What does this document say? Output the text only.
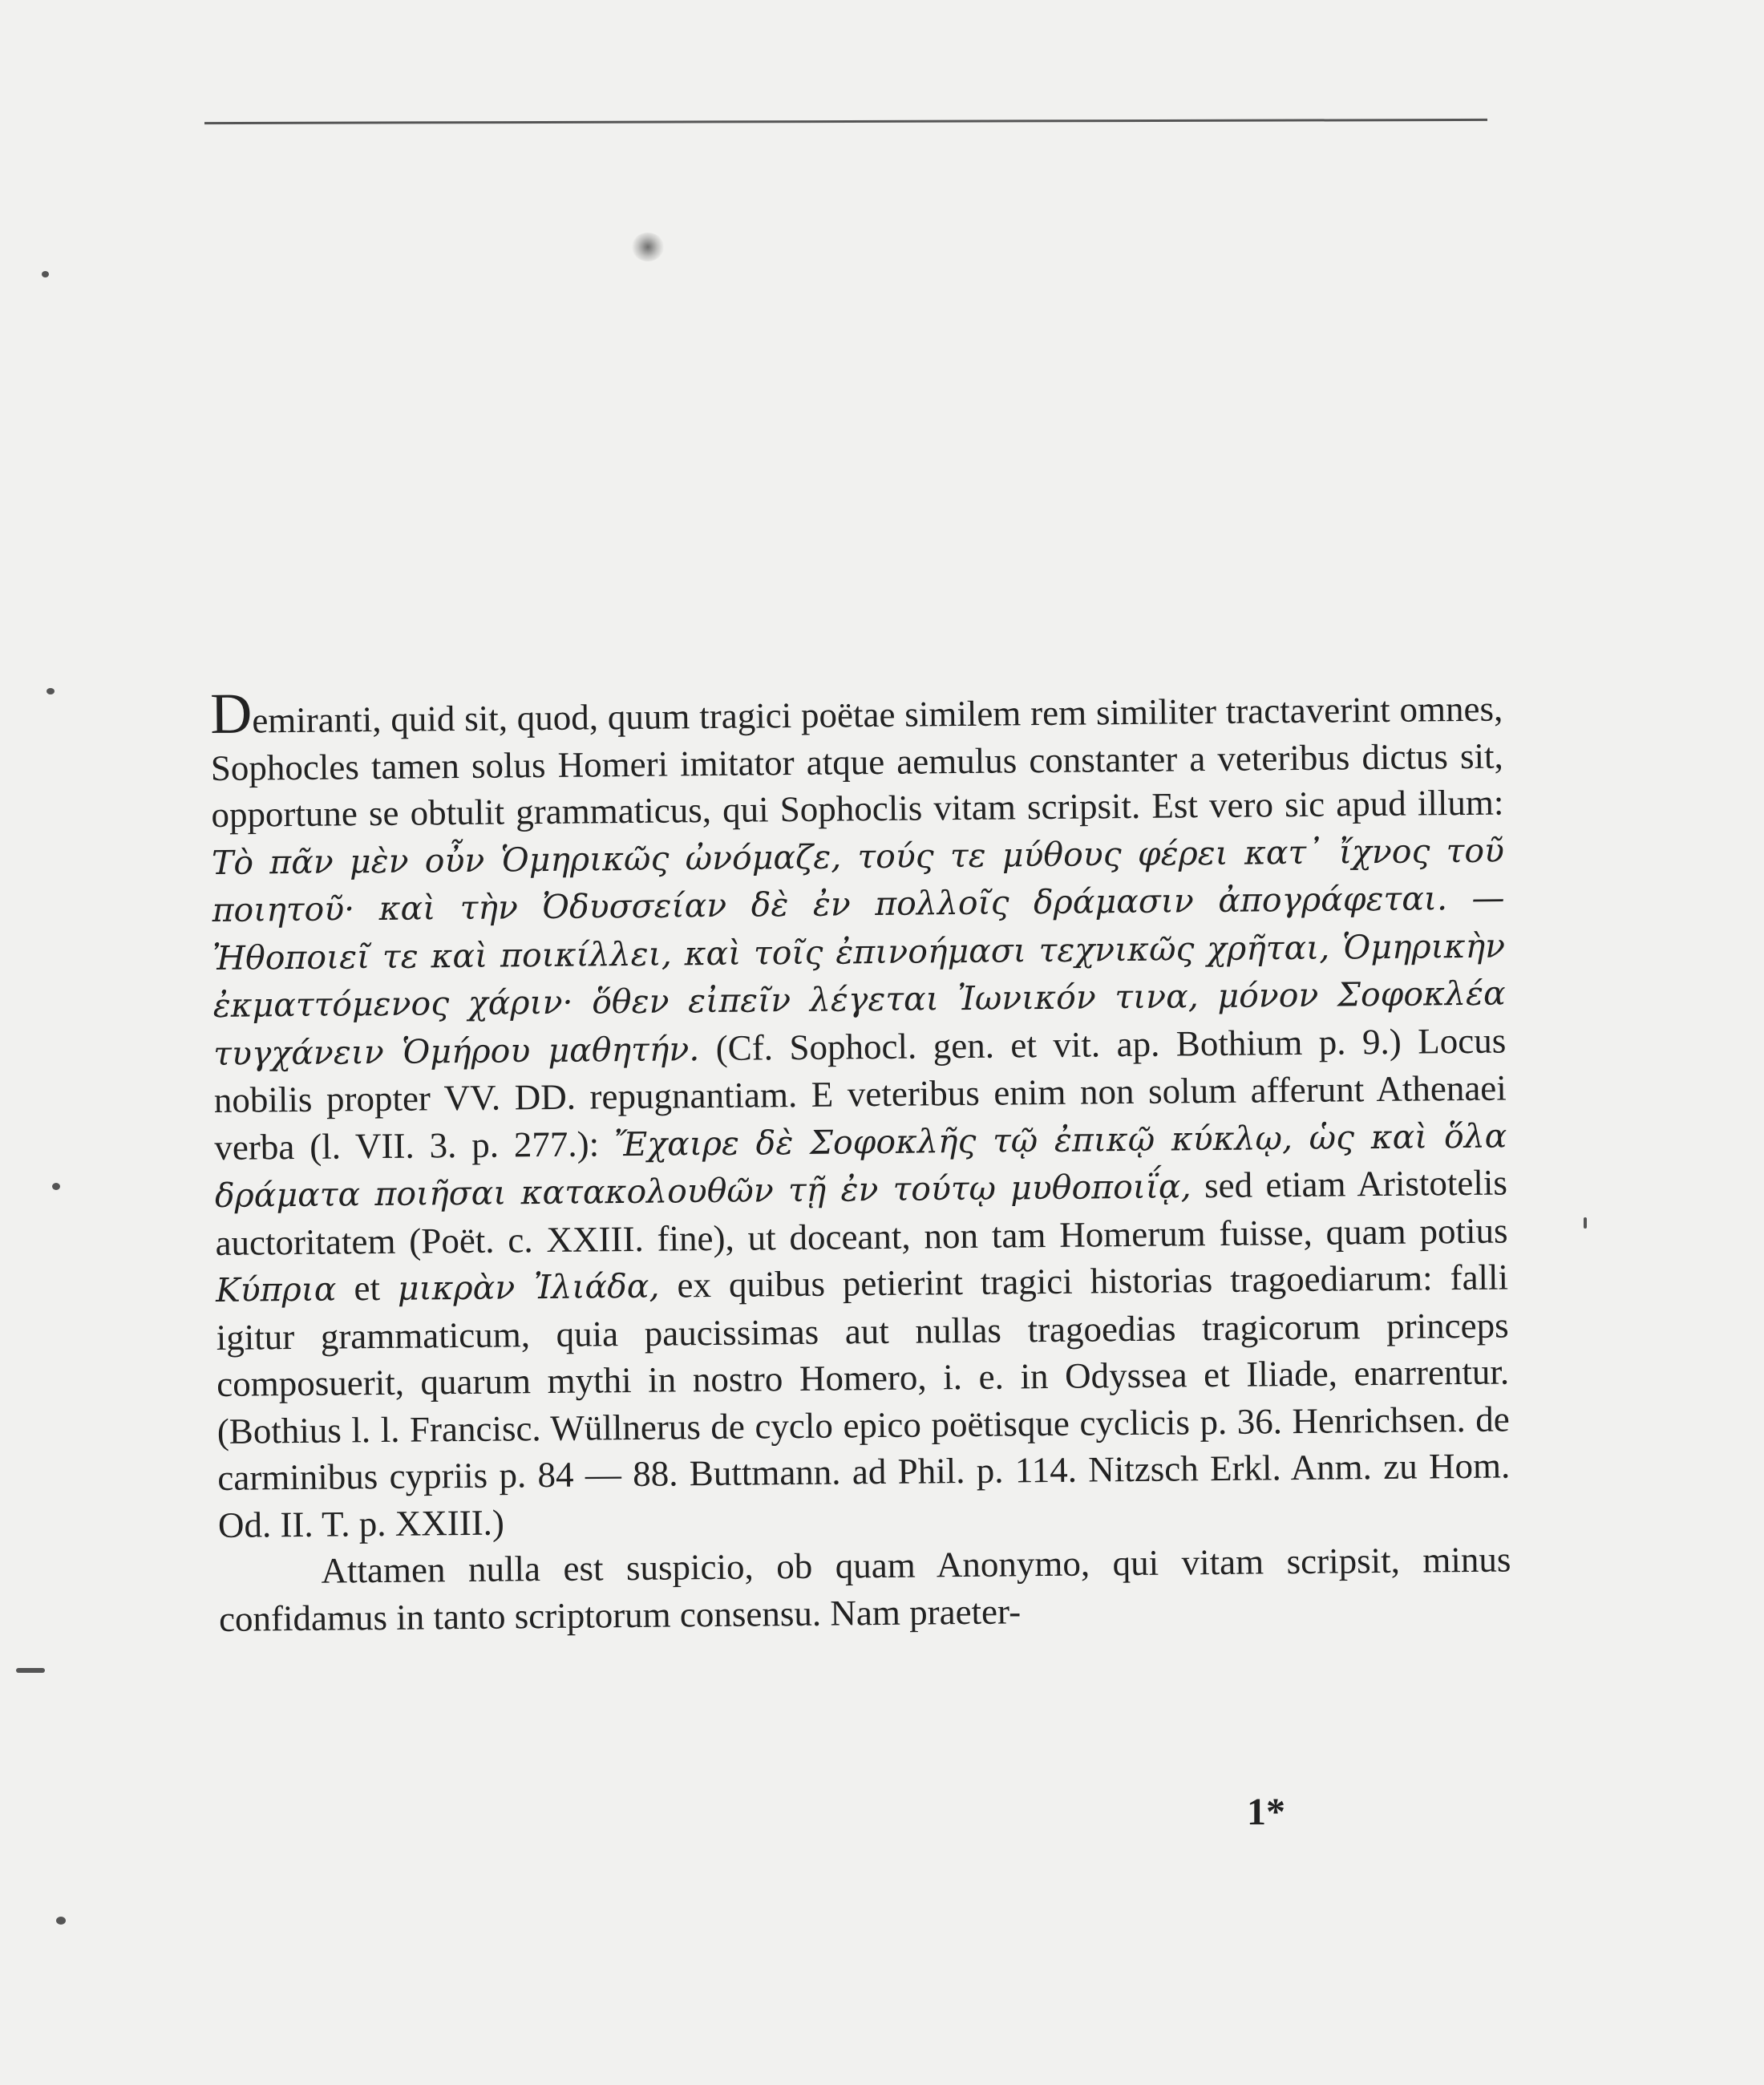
Demiranti, quid sit, quod, quum tragici poëtae similem rem similiter tractaverint omnes, Sophocles tamen solus Homeri imitator atque aemulus constanter a veteribus dictus sit, opportune se obtulit grammaticus, qui Sophoclis vitam scripsit. Est vero sic apud illum: Τὸ πᾶν μὲν οὖν Ὁμηρικῶς ὠνόμαζε, τούς τε μύθους φέρει κατ᾽ ἴχνος τοῦ ποιητοῦ· καὶ τὴν Ὀδυσσείαν δὲ ἐν πολλοῖς δράμασιν ἀπογράφεται. — Ἠθοποιεῖ τε καὶ ποικίλλει, καὶ τοῖς ἐπινοήμασι τεχνικῶς χρῆται, Ὁμηρικὴν ἐκματτόμενος χάριν· ὅθεν εἰπεῖν λέγεται Ἰωνικόν τινα, μόνον Σοφοκλέα τυγχάνειν Ὁμήρου μαθητήν. (Cf. Sophocl. gen. et vit. ap. Bothium p. 9.) Locus nobilis propter VV. DD. repugnantiam. E veteribus enim non solum afferunt Athenaei verba (l. VII. 3. p. 277.): Ἔχαιρε δὲ Σοφοκλῆς τῷ ἐπικῷ κύκλῳ, ὡς καὶ ὅλα δράματα ποιῆσαι κατακολουθῶν τῇ ἐν τούτῳ μυθοποιΐᾳ, sed etiam Aristotelis auctoritatem (Poët. c. XXIII. fine), ut doceant, non tam Homerum fuisse, quam potius Κύπρια et μικρὰν Ἰλιάδα, ex quibus petierint tragici historias tragoediarum: falli igitur grammaticum, quia paucissimas aut nullas tragoedias tragicorum princeps composuerit, quarum mythi in nostro Homero, i. e. in Odyssea et Iliade, enarrentur. (Bothius l. l. Francisc. Wüllnerus de cyclo epico poëtisque cyclicis p. 36. Henrichsen. de carminibus cypriis p. 84 — 88. Buttmann. ad Phil. p. 114. Nitzsch Erkl. Anm. zu Hom. Od. II. T. p. XXIII.)

Attamen nulla est suspicio, ob quam Anonymo, qui vitam scripsit, minus confidamus in tanto scriptorum consensu. Nam praeter-

1*
